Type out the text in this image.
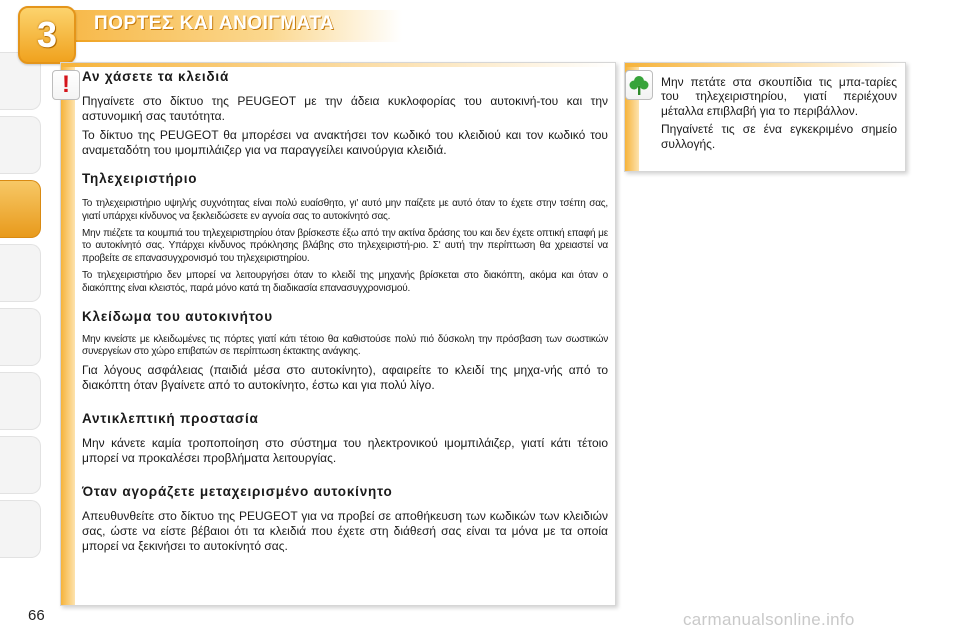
3 ΠΟΡΤΕΣ ΚΑΙ ΑΝΟΙΓΜΑΤΑ
! Αν χάσετε τα κλειδιά

Πηγαίνετε στο δίκτυο της PEUGEOT με την άδεια κυκλοφορίας του αυτοκινή-του και την αστυνομική σας ταυτότητα.

Το δίκτυο της PEUGEOT θα μπορέσει να ανακτήσει τον κωδικό του κλειδιού και τον κωδικό του αναμεταδότη του ιμομπιλάιζερ για να παραγγείλει καινούργια κλειδιά.

Τηλεχειριστήριο

Το τηλεχειριστήριο υψηλής συχνότητας είναι πολύ ευαίσθητο, γι' αυτό μην παίζετε με αυτό όταν το έχετε στην τσέπη σας, γιατί υπάρχει κίνδυνος να ξεκλειδώσετε εν αγνοία σας το αυτοκίνητό σας.

Μην πιέζετε τα κουμπιά του τηλεχειριστηρίου όταν βρίσκεστε έξω από την ακτίνα δράσης του και δεν έχετε οπτική επαφή με το αυτοκίνητό σας. Υπάρχει κίνδυνος πρόκλησης βλάβης στο τηλεχειριστή-ριο. Σ' αυτή την περίπτωση θα χρειαστεί να προβείτε σε επανασυγχρονισμό του τηλεχειριστηρίου.

Το τηλεχειριστήριο δεν μπορεί να λειτουργήσει όταν το κλειδί της μηχανής βρίσκεται στο διακόπτη, ακόμα και όταν ο διακόπτης είναι κλειστός, παρά μόνο κατά τη διαδικασία επανασυγχρονισμού.

Κλείδωμα του αυτοκινήτου

Μην κινείστε με κλειδωμένες τις πόρτες γιατί κάτι τέτοιο θα καθιστούσε πολύ πιό δύσκολη την πρόσβαση των σωστικών συνεργείων στο χώρο επιβατών σε περίπτωση έκτακτης ανάγκης.

Για λόγους ασφάλειας (παιδιά μέσα στο αυτοκίνητο), αφαιρείτε το κλειδί της μηχα-νής από το διακόπτη όταν βγαίνετε από το αυτοκίνητο, έστω και για πολύ λίγο.

Αντικλεπτική προστασία

Μην κάνετε καμία τροποποίηση στο σύστημα του ηλεκτρονικού ιμομπιλάιζερ, γιατί κάτι τέτοιο μπορεί να προκαλέσει προβλήματα λειτουργίας.

Όταν αγοράζετε μεταχειρισμένο αυτοκίνητο

Απευθυνθείτε στο δίκτυο της PEUGEOT για να προβεί σε αποθήκευση των κωδικών των κλειδιών σας, ώστε να είστε βέβαιοι ότι τα κλειδιά που έχετε στη διάθεσή σας είναι τα μόνα με τα οποία μπορεί να ξεκινήσει το αυτοκίνητό σας.

Μην πετάτε στα σκουπίδια τις μπα-ταρίες του τηλεχειριστηρίου, γιατί περιέχουν μέταλλα επιβλαβή για το περιβάλλον.

Πηγαίνετέ τις σε ένα εγκεκριμένο σημείο συλλογής.

66	carmanualsonline.info
